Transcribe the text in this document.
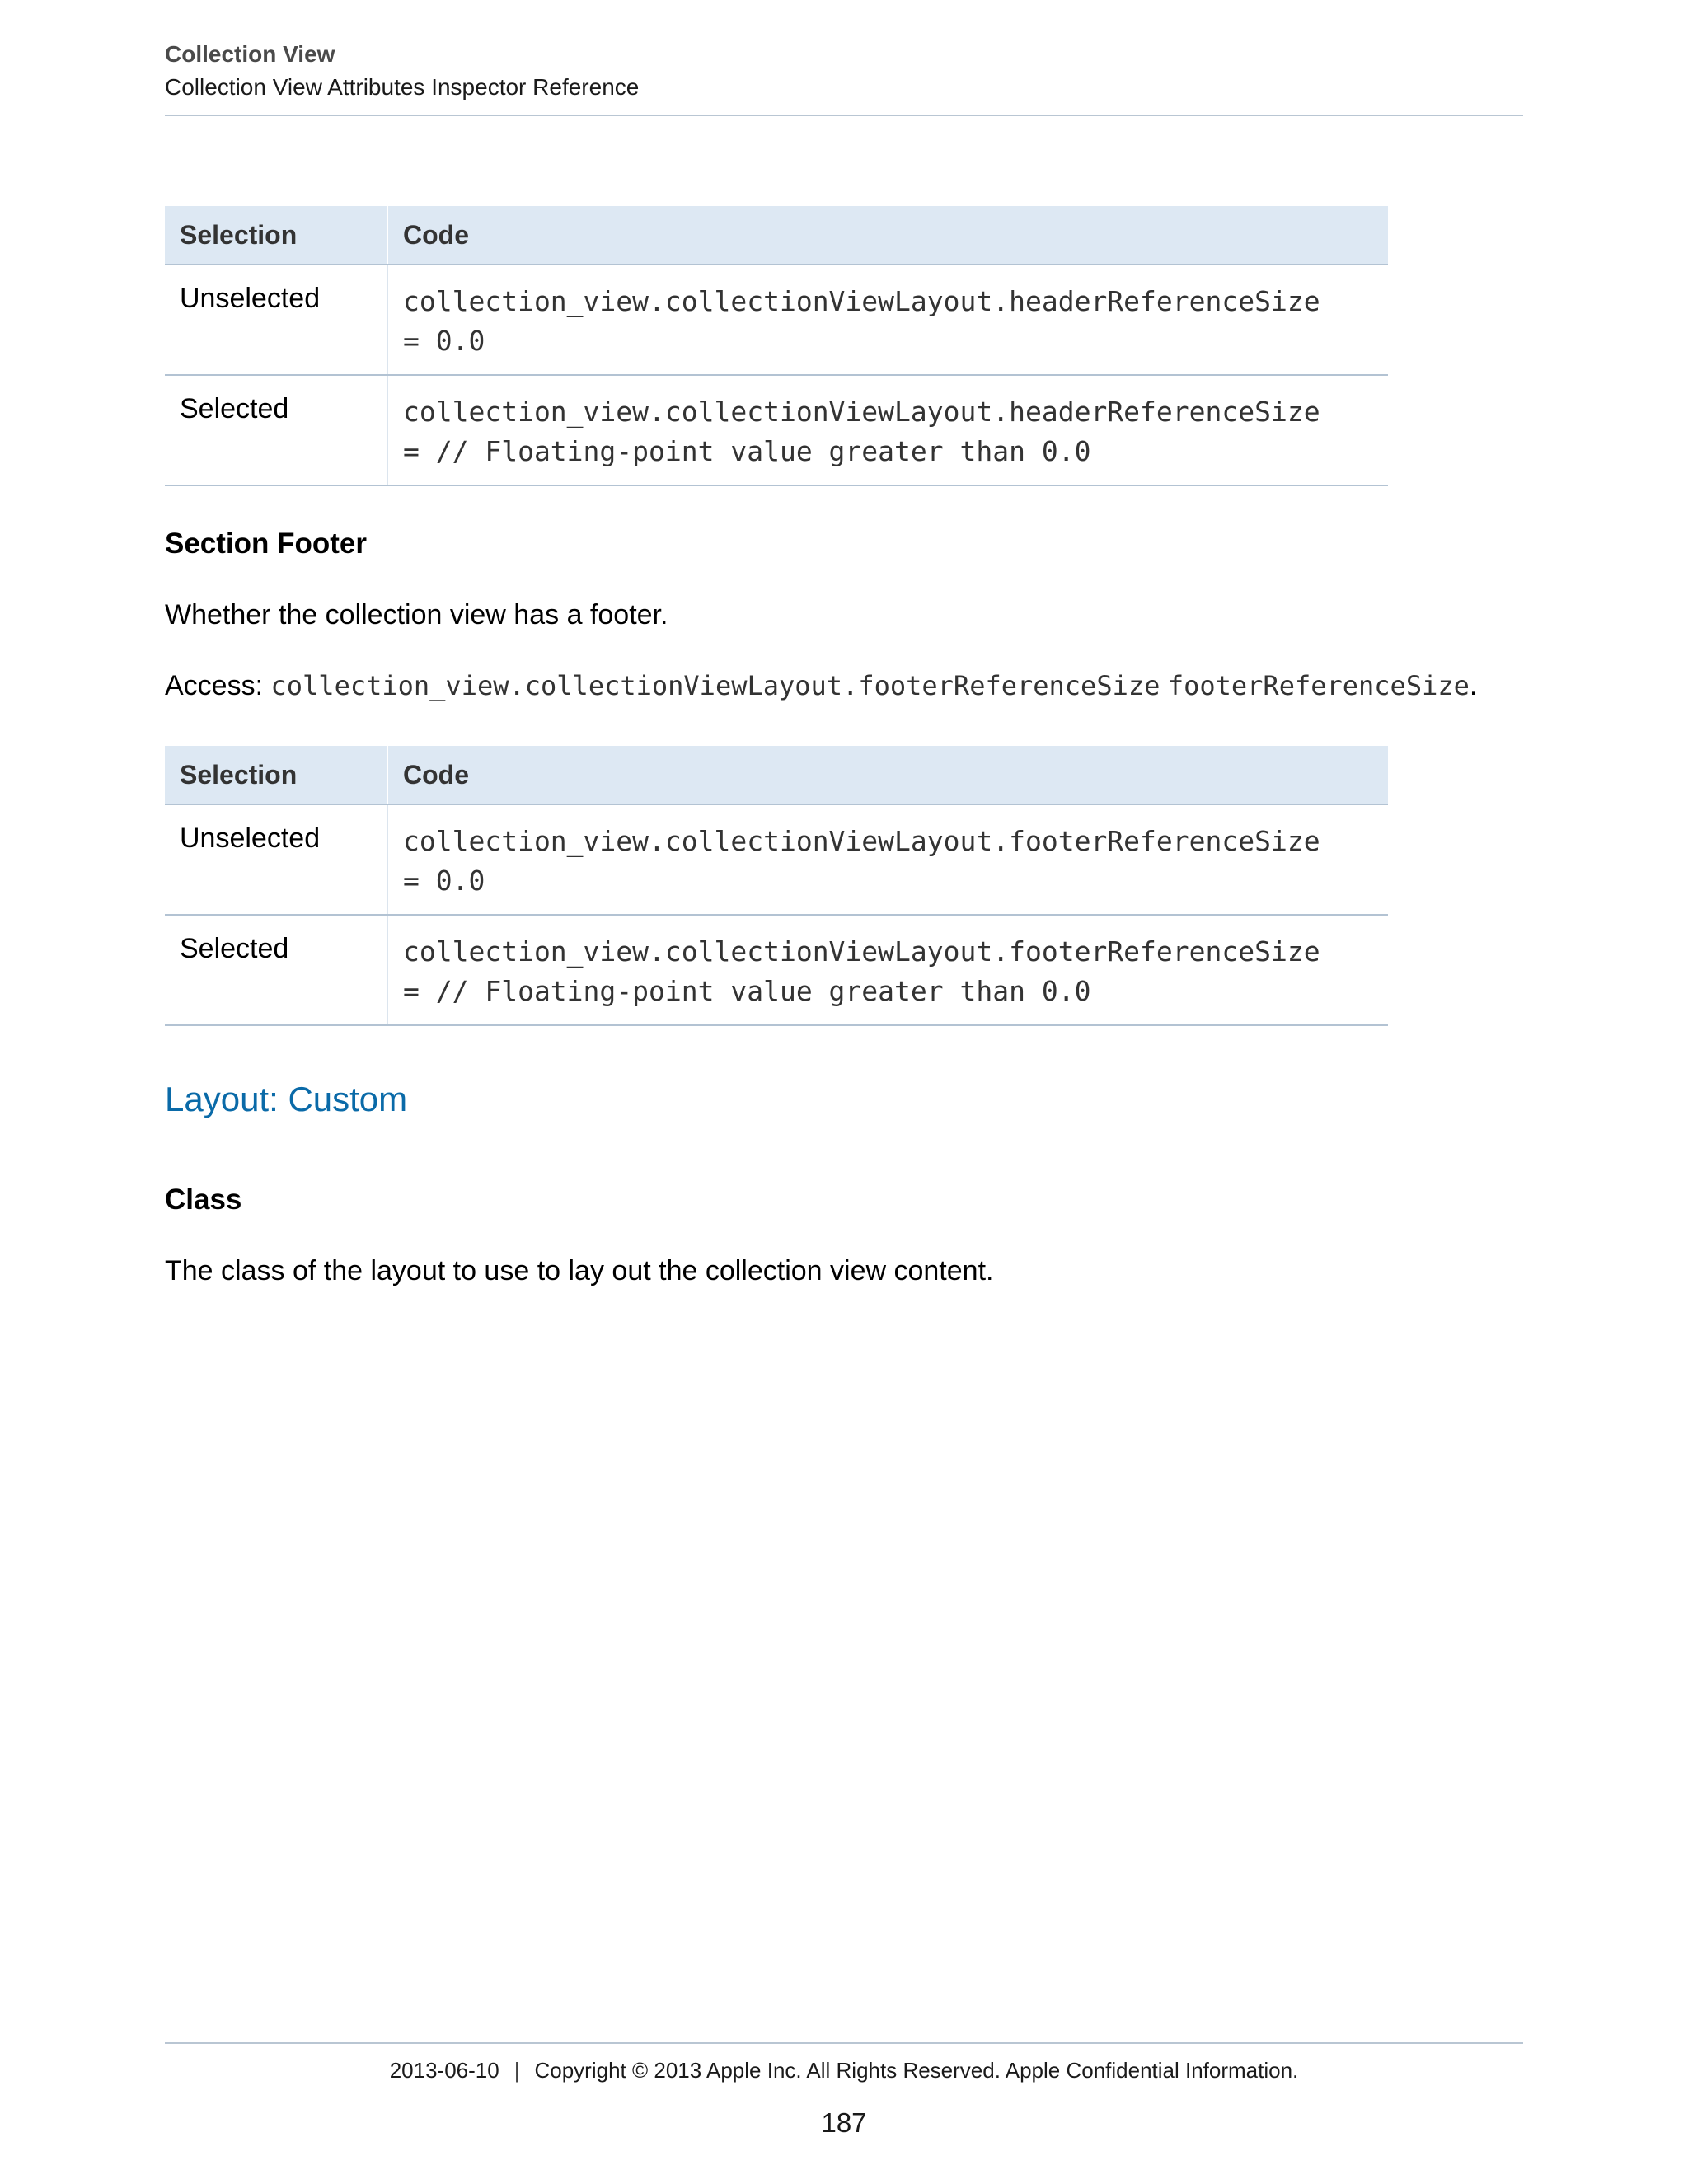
Collection View
Collection View Attributes Inspector Reference
Selection	Code
Unselected	collection_view.collectionViewLayout.headerReferenceSize
= 0.0
Selected	collection_view.collectionViewLayout.headerReferenceSize
= // Floating-point value greater than 0.0
Section Footer
Whether the collection view has a footer.
Access: collection_view.collectionViewLayout.footerReferenceSize footerReferenceSize.
Selection	Code
Unselected	collection_view.collectionViewLayout.footerReferenceSize
= 0.0
Selected	collection_view.collectionViewLayout.footerReferenceSize
= // Floating-point value greater than 0.0
Layout: Custom
Class
The class of the layout to use to lay out the collection view content.
2013-06-10 | Copyright © 2013 Apple Inc. All Rights Reserved. Apple Confidential Information.
187
